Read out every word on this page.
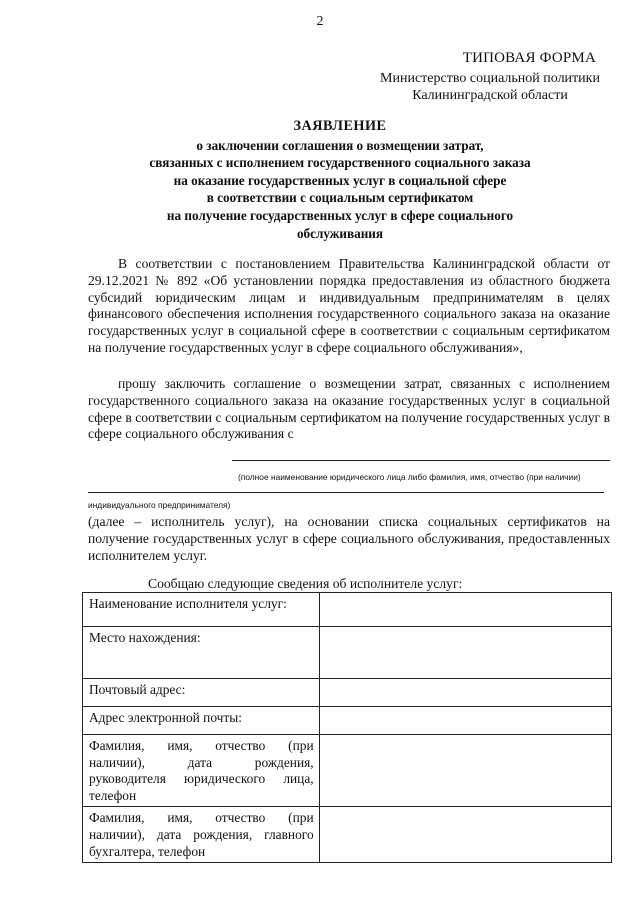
2
ТИПОВАЯ ФОРМА
Министерство социальной политики
Калининградской области
ЗАЯВЛЕНИЕ
о заключении соглашения о возмещении затрат,
связанных с исполнением государственного социального заказа
на оказание государственных услуг в социальной сфере
в соответствии с социальным сертификатом
на получение государственных услуг в сфере социального
обслуживания

В соответствии с постановлением Правительства Калининградской области от 29.12.2021 № 892 «Об установлении порядка предоставления из областного бюджета субсидий юридическим лицам и индивидуальным предпринимателям в целях финансового обеспечения исполнения государственного социального заказа на оказание государственных услуг в социальной сфере в соответствии с социальным сертификатом на получение государственных услуг в сфере социального обслуживания»,

прошу заключить соглашение о возмещении затрат, связанных с исполнением государственного социального заказа на оказание государственных услуг в социальной сфере в соответствии с социальным сертификатом на получение государственных услуг в сфере социального обслуживания с

(полное наименование юридического лица либо фамилия, имя, отчество (при наличии)
индивидуального предпринимателя)

(далее – исполнитель услуг), на основании списка социальных сертификатов на получение государственных услуг в сфере социального обслуживания, предоставленных исполнителем услуг.

Сообщаю следующие сведения об исполнителе услуг:

Наименование исполнителя услуг:	
Место нахождения:	
Почтовый адрес:	
Адрес электронной почты:	
Фамилия, имя, отчество (при наличии), дата рождения, руководителя юридического лица, телефон	
Фамилия, имя, отчество (при наличии), дата рождения, главного бухгалтера, телефон	
